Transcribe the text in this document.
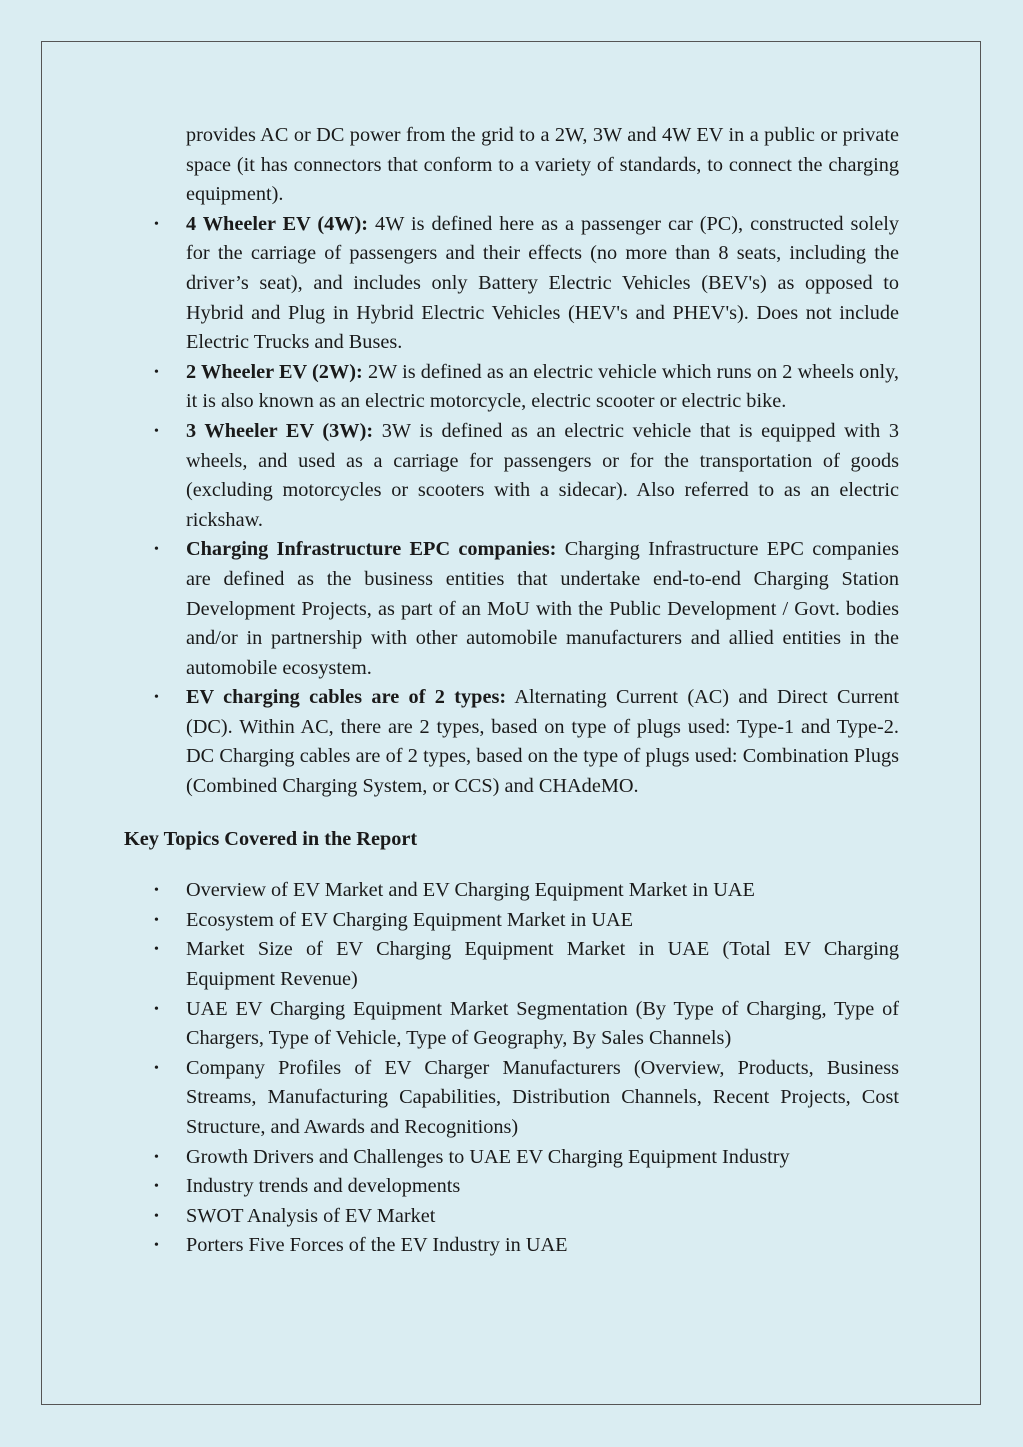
provides AC or DC power from the grid to a 2W, 3W and 4W EV in a public or private space (it has connectors that conform to a variety of standards, to connect the charging equipment).

• 4 Wheeler EV (4W): 4W is defined here as a passenger car (PC), constructed solely for the carriage of passengers and their effects (no more than 8 seats, including the driver’s seat), and includes only Battery Electric Vehicles (BEV's) as opposed to Hybrid and Plug in Hybrid Electric Vehicles (HEV's and PHEV's). Does not include Electric Trucks and Buses.
• 2 Wheeler EV (2W): 2W is defined as an electric vehicle which runs on 2 wheels only, it is also known as an electric motorcycle, electric scooter or electric bike.
• 3 Wheeler EV (3W): 3W is defined as an electric vehicle that is equipped with 3 wheels, and used as a carriage for passengers or for the transportation of goods (excluding motorcycles or scooters with a sidecar). Also referred to as an electric rickshaw.
• Charging Infrastructure EPC companies: Charging Infrastructure EPC companies are defined as the business entities that undertake end-to-end Charging Station Development Projects, as part of an MoU with the Public Development / Govt. bodies and/or in partnership with other automobile manufacturers and allied entities in the automobile ecosystem.
• EV charging cables are of 2 types: Alternating Current (AC) and Direct Current (DC). Within AC, there are 2 types, based on type of plugs used: Type-1 and Type-2. DC Charging cables are of 2 types, based on the type of plugs used: Combination Plugs (Combined Charging System, or CCS) and CHAdeMO.
Key Topics Covered in the Report
• Overview of EV Market and EV Charging Equipment Market in UAE
• Ecosystem of EV Charging Equipment Market in UAE
• Market Size of EV Charging Equipment Market in UAE (Total EV Charging Equipment Revenue)
• UAE EV Charging Equipment Market Segmentation (By Type of Charging, Type of Chargers, Type of Vehicle, Type of Geography, By Sales Channels)
• Company Profiles of EV Charger Manufacturers (Overview, Products, Business Streams, Manufacturing Capabilities, Distribution Channels, Recent Projects, Cost Structure, and Awards and Recognitions)
• Growth Drivers and Challenges to UAE EV Charging Equipment Industry
• Industry trends and developments
• SWOT Analysis of EV Market
• Porters Five Forces of the EV Industry in UAE
